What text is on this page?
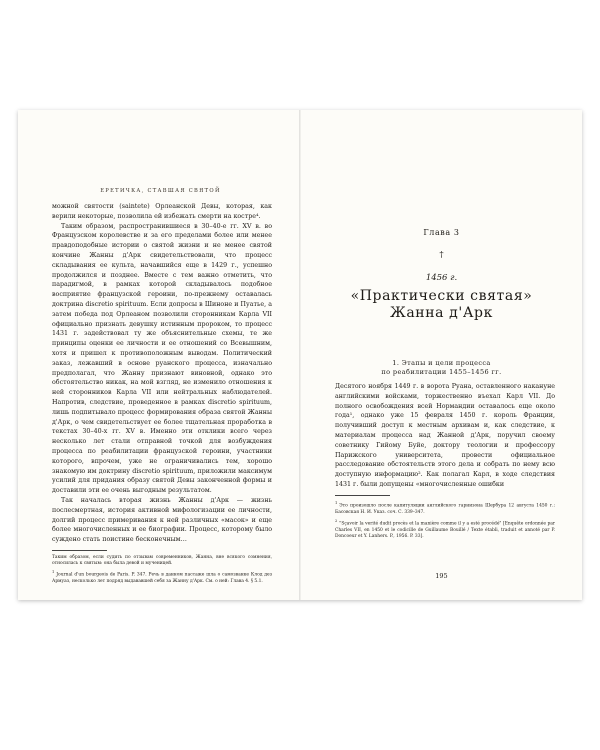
ЕРЕТИЧКА, СТАВШАЯ СВЯТОЙ
можной святости (saintete) Орлеанской Девы, которая, как верили некоторые, позволила ей избежать смерти на костре⁴.
Таким образом, распространившиеся в 30–40-е гг. XV в. во Французском королевстве и за его пределами более или менее правдоподобные истории о святой жизни и не менее святой кончине Жанны д'Арк свидетельствовали, что процесс складывания ее культа, начавшийся еще в 1429 г., успешно продолжился и позднее. Вместе с тем важно отметить, что парадигмой, в рамках которой складывалось подобное восприятие французской героини, по-прежнему оставалась доктрина discretio spirituum. Если допросы в Шиноне и Пуатье, а затем победа под Орлеаном позволили сторонникам Карла VII официально признать девушку истинным пророком, то процесс 1431 г. задействовал ту же объяснительные схемы, те же принципы оценки ее личности и ее отношений со Всевышним, хотя и пришел к противоположным выводам. Политический заказ, лежавший в основе руанского процесса, изначально предполагал, что Жанну признают виновной, однако это обстоятельство никак, на мой взгляд, не изменило отношения к ней сторонников Карла VII или нейтральных наблюдателей. Напротив, следствие, проведенное в рамках discretio spirituum, лишь подпитывало процесс формирования образа святой Жанны д'Арк, о чем свидетельствует ее более тщательная проработка в текстах 30–40-х гг. XV в. Именно эти отклики всего через несколько лет стали отправной точкой для возбуждения процесса по реабилитации французской героини, участники которого, впрочем, уже не ограничивались тем, хорошо знакомую им доктрину discretio spirituum, приложили максимум усилий для придания образу святой Девы законченной формы и доставили эти ее очень выгодным результатом.
Так началась вторая жизнь Жанны д'Арк — жизнь послесмертная, история активной мифологизации ее личности, долгий процесс примеривания к ней различных «масок» и еще более многочисленных и ее биографии. Процесс, которому было суждено стать поистине бесконечным…
Таким образом, если судить по отзывам современников, Жанна, вне всякого сомнения, относилась к святым: она была девой и мученицей.
$^1$Journal d'un bourgeois de Paris. P. 347. Речь в данном пассаже шла о самозванке Клод дез Армуаз, несколько лет подряд выдававшей себя за Жанну д'Арк. См. о ней: Глава 4. § 5.1.
Глава 3
†
1456 г.
«Практически святая»
Жанна д'Арк
1. Этапы и цели процесса
по реабилитации 1455–1456 гг.
Десятого ноября 1449 г. в ворота Руана, оставленного накануне английскими войсками, торжественно въехал Карл VII. До полного освобождения всей Нормандии оставалось еще около года¹, однако уже 15 февраля 1450 г. король Франции, получивший доступ к местным архивам и, как следствие, к материалам процесса над Жанной д'Арк, поручил своему советнику Гийому Буйе, доктору теологии и профессору Парижского университета, провести официальное расследование обстоятельств этого дела и собрать по нему всю доступную информацию². Как полагал Карл, в ходе следствия 1431 г. были допущены «многочисленные ошибки
$^1$Это произошло после капитуляции английского гарнизона Шербура 12 августа 1450 г.: Басовская Н. И. Указ. соч. С. 339–347.
$^2$"Sçavoir la verité dudit procès et la manière comme il y a esté procédé" [Enquête ordonnée par Charles VII, en 1450 et le codicille de Guillaume Bouillé / Texte établi, traduit et annoté par P. Doncoeur et Y. Lanhers. P., 1956. P. 33].
195
